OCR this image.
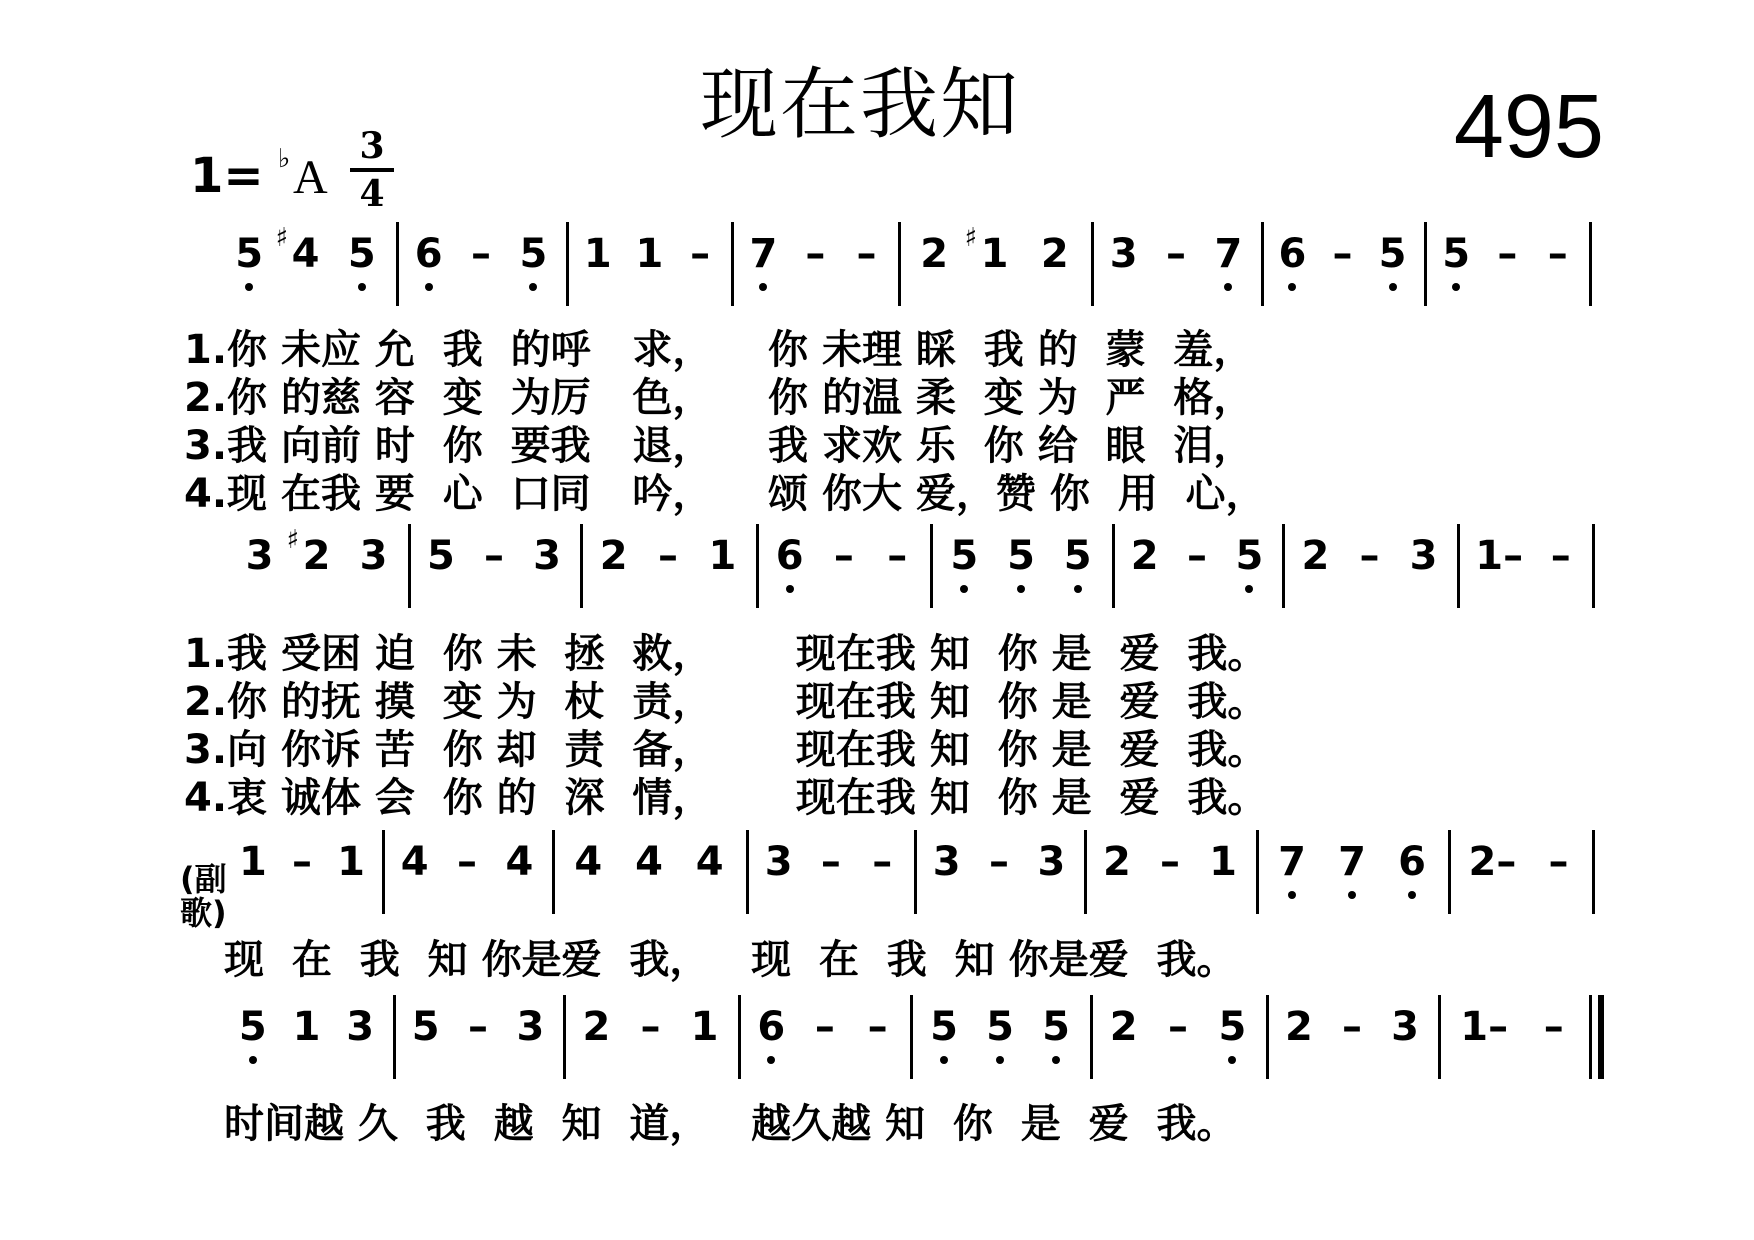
现在我知	495
1= ♭ A
3
4
5 4
♯ 5 6 – 5 1 1 – 7 – – 2 1
♯ 2 3 – 7 6 – 5 5 – –
3 2
♯ 3 5 – 3 2 – 1 6 – – 5 5 5 2 – 5 2 – 3 1– –
1 – 1 4 – 4 4 4 4 3 – – 3 – 3 2 – 1 7 7 6 2– –
5 1 3 5 – 3 2 – 1 6 – – 5 5 5 2 – 5 2 – 3 1– –
1.你 未应 允  我  的呼   求，    你 未理 睬  我 的  蒙  羞，
2.你 的慈 容  变  为厉   色，    你 的温 柔  变 为  严  格，
3.我 向前 时  你  要我   退，    我 求欢 乐  你 给  眼  泪，
4.现 在我 要  心  口同   吟，    颂 你大 爱，赞 你  用  心，
1.我 受困 迫  你 未  拯  救，      现在我 知  你 是  爱  我。
2.你 的抚 摸  变 为  杖  责，      现在我 知  你 是  爱  我。
3.向 你诉 苦  你 却  责  备，      现在我 知  你 是  爱  我。
4.衷 诚体 会  你 的  深  情，      现在我 知  你 是  爱  我。
(副歌)
现  在  我  知 你是爱  我，   现  在  我  知 你是爱  我。
时间越 久  我  越  知  道，   越久越 知  你  是  爱  我。
